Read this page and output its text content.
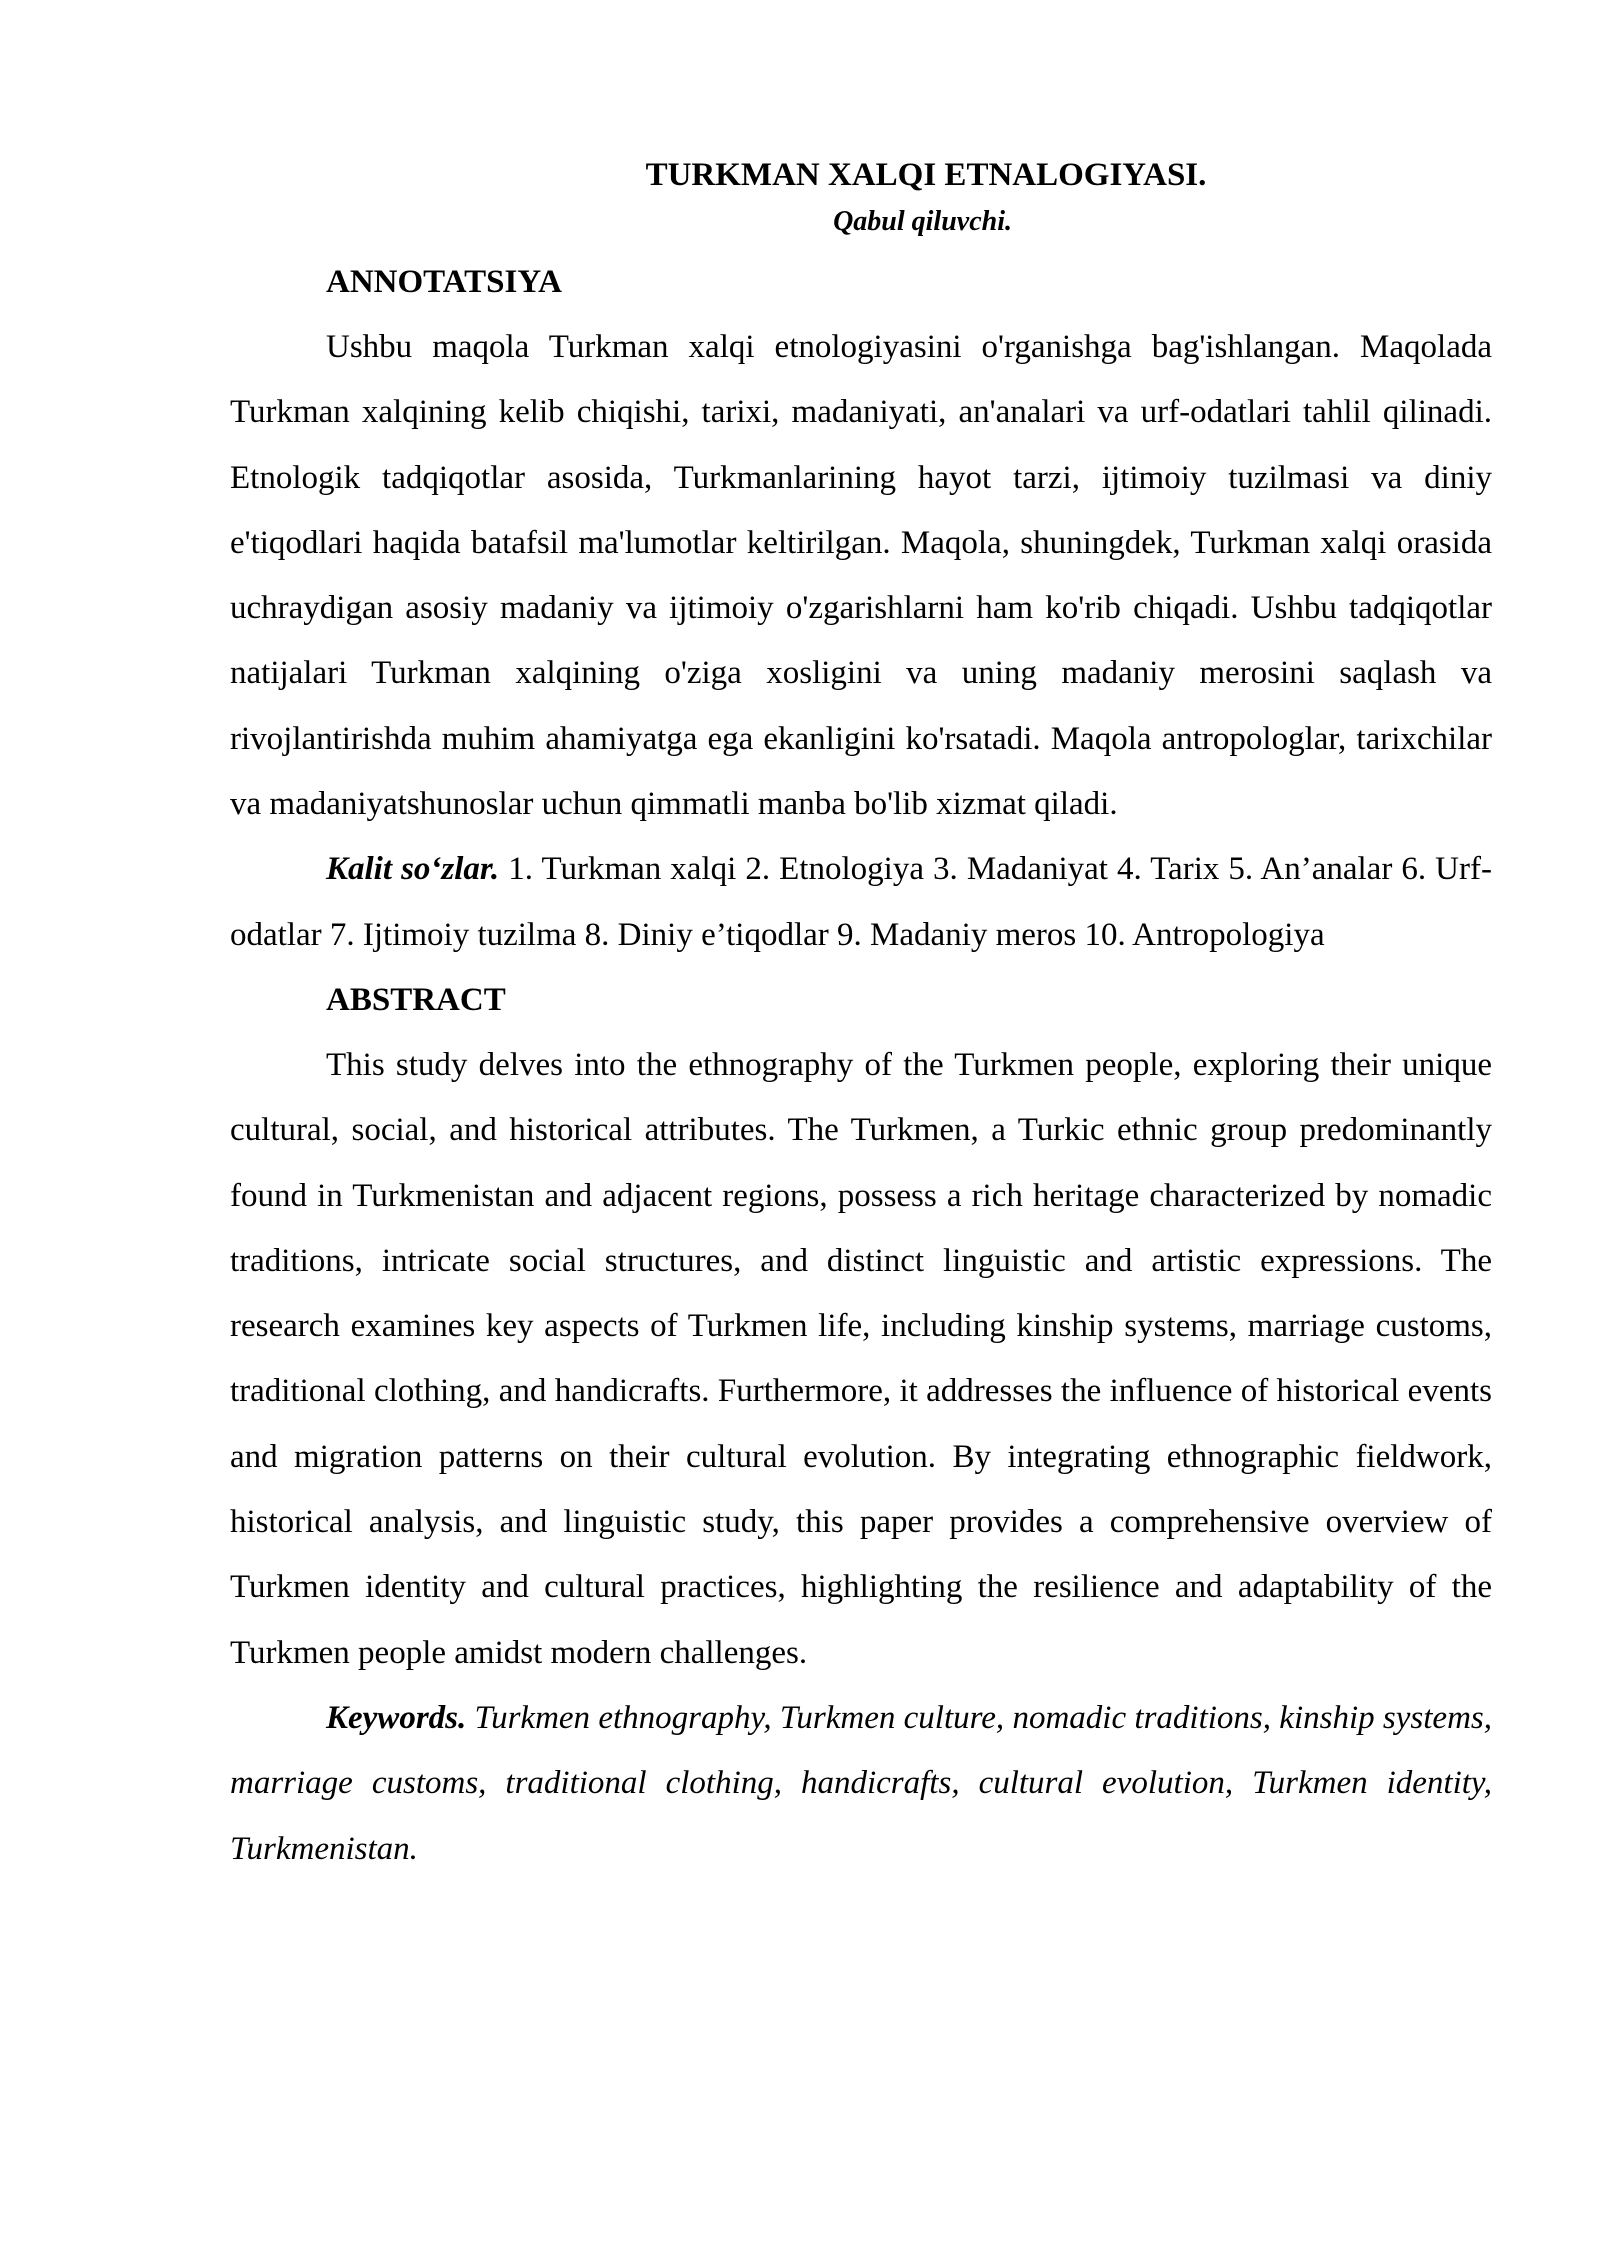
TURKMAN XALQI ETNALOGIYASI.

Qabul qiluvchi.

ANNOTATSIYA

Ushbu maqola Turkman xalqi etnologiyasini o'rganishga bag'ishlangan. Maqolada Turkman xalqining kelib chiqishi, tarixi, madaniyati, an'analari va urf-odatlari tahlil qilinadi. Etnologik tadqiqotlar asosida, Turkmanlarining hayot tarzi, ijtimoiy tuzilmasi va diniy e'tiqodlari haqida batafsil ma'lumotlar keltirilgan. Maqola, shuningdek, Turkman xalqi orasida uchraydigan asosiy madaniy va ijtimoiy o'zgarishlarni ham ko'rib chiqadi. Ushbu tadqiqotlar natijalari Turkman xalqining o'ziga xosligini va uning madaniy merosini saqlash va rivojlantirishda muhim ahamiyatga ega ekanligini ko'rsatadi. Maqola antropologlar, tarixchilar va madaniyatshunoslar uchun qimmatli manba bo'lib xizmat qiladi.

Kalit so‘zlar. 1. Turkman xalqi 2. Etnologiya 3. Madaniyat 4. Tarix 5. An’analar 6. Urf-odatlar 7. Ijtimoiy tuzilma 8. Diniy e’tiqodlar 9. Madaniy meros 10. Antropologiya

ABSTRACT

This study delves into the ethnography of the Turkmen people, exploring their unique cultural, social, and historical attributes. The Turkmen, a Turkic ethnic group predominantly found in Turkmenistan and adjacent regions, possess a rich heritage characterized by nomadic traditions, intricate social structures, and distinct linguistic and artistic expressions. The research examines key aspects of Turkmen life, including kinship systems, marriage customs, traditional clothing, and handicrafts. Furthermore, it addresses the influence of historical events and migration patterns on their cultural evolution. By integrating ethnographic fieldwork, historical analysis, and linguistic study, this paper provides a comprehensive overview of Turkmen identity and cultural practices, highlighting the resilience and adaptability of the Turkmen people amidst modern challenges.

Keywords. Turkmen ethnography, Turkmen culture, nomadic traditions, kinship systems, marriage customs, traditional clothing, handicrafts, cultural evolution, Turkmen identity, Turkmenistan.
